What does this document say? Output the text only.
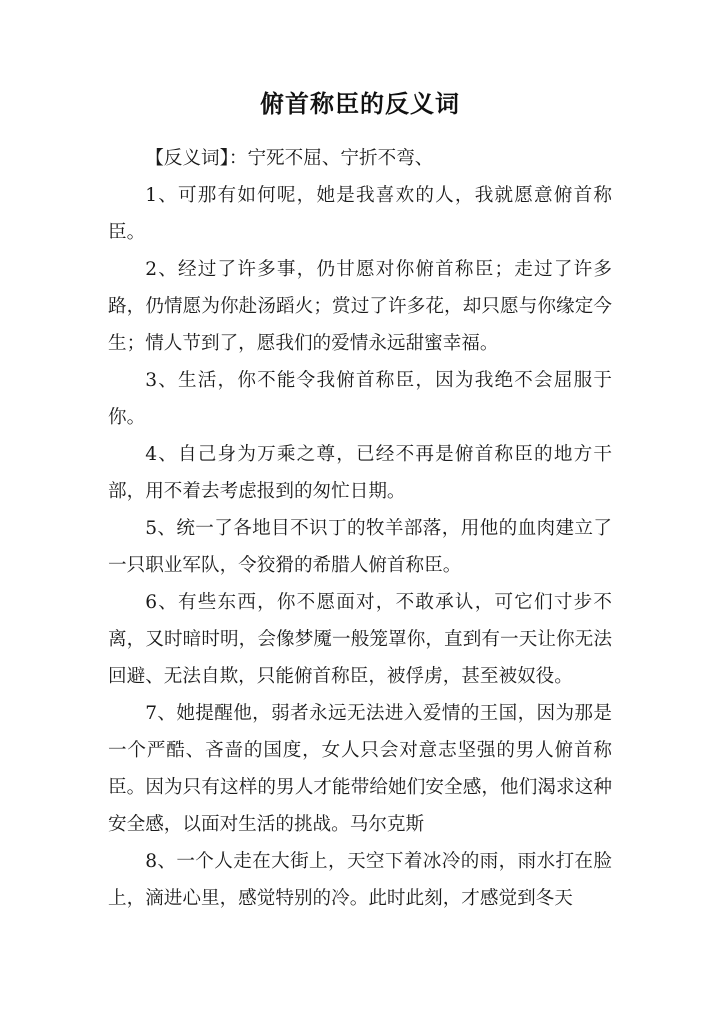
俯首称臣的反义词

【反义词】：宁死不屈、宁折不弯、

1、可那有如何呢，她是我喜欢的人，我就愿意俯首称臣。

2、经过了许多事，仍甘愿对你俯首称臣；走过了许多路，仍情愿为你赴汤蹈火；赏过了许多花，却只愿与你缘定今生；情人节到了，愿我们的爱情永远甜蜜幸福。

3、生活，你不能令我俯首称臣，因为我绝不会屈服于你。

4、自己身为万乘之尊，已经不再是俯首称臣的地方干部，用不着去考虑报到的匆忙日期。

5、统一了各地目不识丁的牧羊部落，用他的血肉建立了一只职业军队，令狡猾的希腊人俯首称臣。

6、有些东西，你不愿面对，不敢承认，可它们寸步不离，又时暗时明，会像梦魇一般笼罩你，直到有一天让你无法回避、无法自欺，只能俯首称臣，被俘虏，甚至被奴役。

7、她提醒他，弱者永远无法进入爱情的王国，因为那是一个严酷、吝啬的国度，女人只会对意志坚强的男人俯首称臣。因为只有这样的男人才能带给她们安全感，他们渴求这种安全感，以面对生活的挑战。马尔克斯

8、一个人走在大街上，天空下着冰冷的雨，雨水打在脸上，滴进心里，感觉特别的冷。此时此刻，才感觉到冬天
